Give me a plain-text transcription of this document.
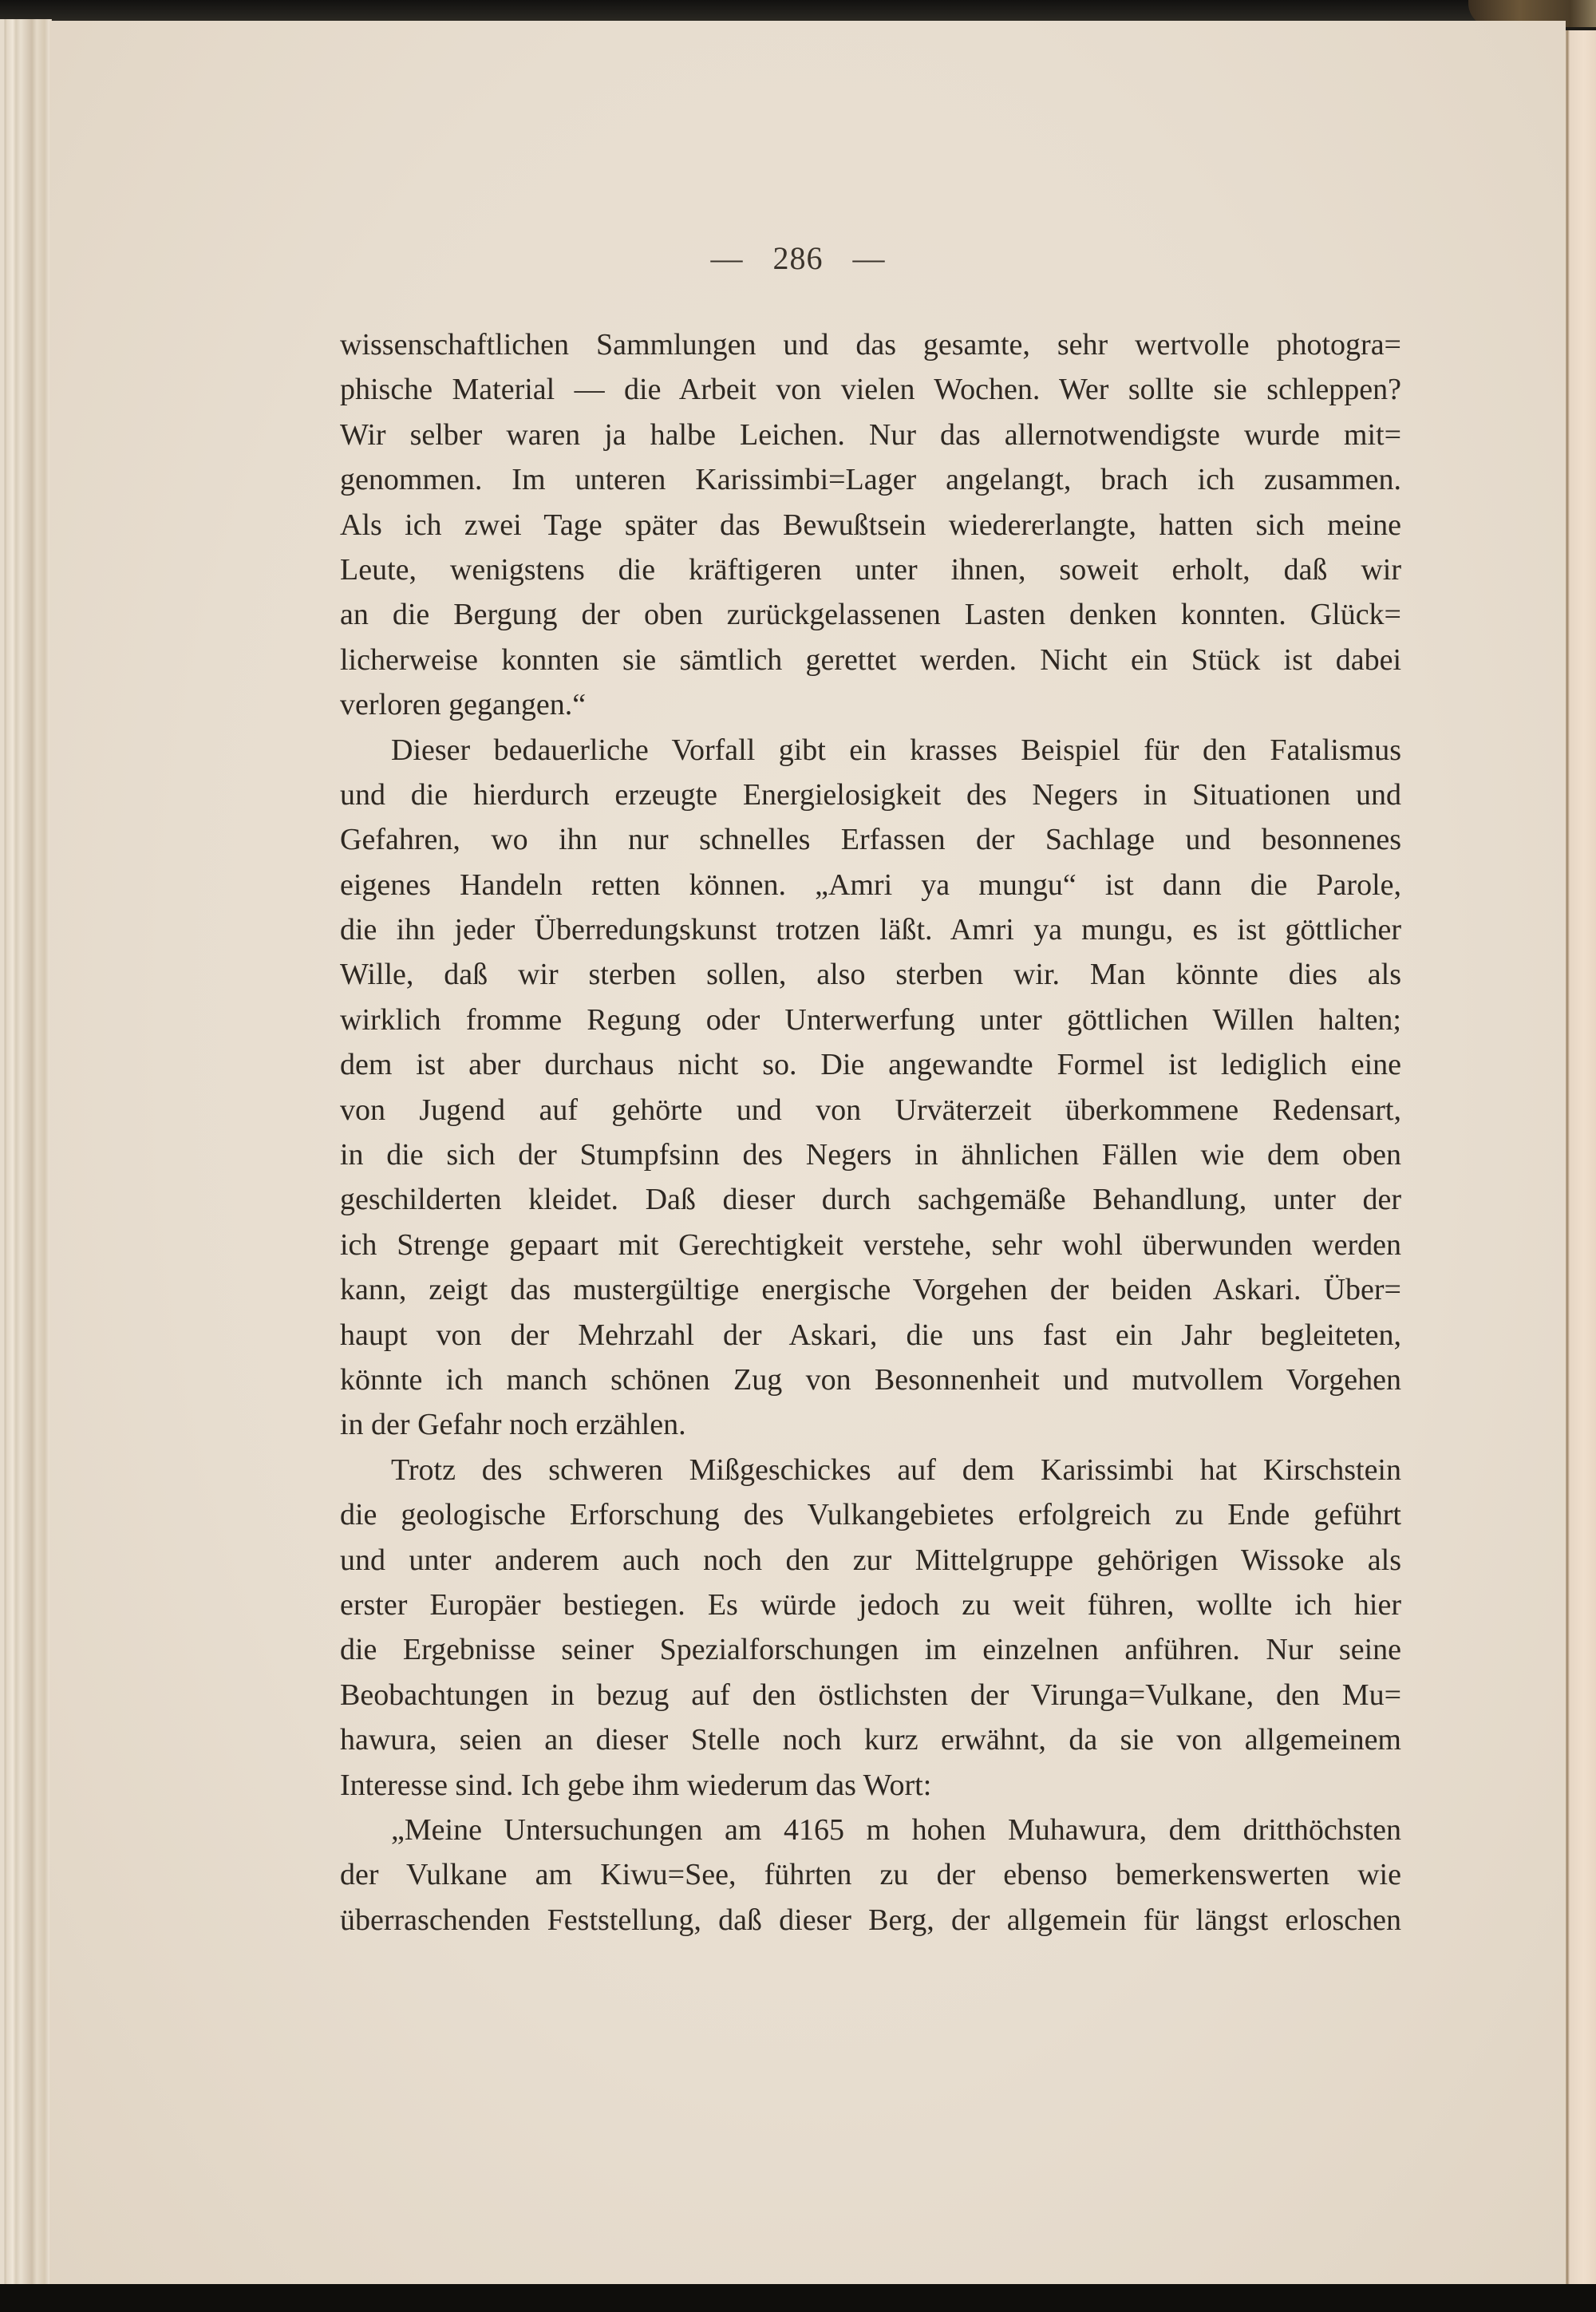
— 286 —
wissenschaftlichen Sammlungen und das gesamte, sehr wertvolle photogra=
phische Material — die Arbeit von vielen Wochen. Wer sollte sie schleppen?
Wir selber waren ja halbe Leichen. Nur das allernotwendigste wurde mit=
genommen. Im unteren Karissimbi=Lager angelangt, brach ich zusammen.
Als ich zwei Tage später das Bewußtsein wiedererlangte, hatten sich meine
Leute, wenigstens die kräftigeren unter ihnen, soweit erholt, daß wir
an die Bergung der oben zurückgelassenen Lasten denken konnten. Glück=
licherweise konnten sie sämtlich gerettet werden. Nicht ein Stück ist dabei
verloren gegangen.“
Dieser bedauerliche Vorfall gibt ein krasses Beispiel für den Fatalismus
und die hierdurch erzeugte Energielosigkeit des Negers in Situationen und
Gefahren, wo ihn nur schnelles Erfassen der Sachlage und besonnenes
eigenes Handeln retten können. „Amri ya mungu“ ist dann die Parole,
die ihn jeder Überredungskunst trotzen läßt. Amri ya mungu, es ist göttlicher
Wille, daß wir sterben sollen, also sterben wir. Man könnte dies als
wirklich fromme Regung oder Unterwerfung unter göttlichen Willen halten;
dem ist aber durchaus nicht so. Die angewandte Formel ist lediglich eine
von Jugend auf gehörte und von Urväterzeit überkommene Redensart,
in die sich der Stumpfsinn des Negers in ähnlichen Fällen wie dem oben
geschilderten kleidet. Daß dieser durch sachgemäße Behandlung, unter der
ich Strenge gepaart mit Gerechtigkeit verstehe, sehr wohl überwunden werden
kann, zeigt das mustergültige energische Vorgehen der beiden Askari. Über=
haupt von der Mehrzahl der Askari, die uns fast ein Jahr begleiteten,
könnte ich manch schönen Zug von Besonnenheit und mutvollem Vorgehen
in der Gefahr noch erzählen.
Trotz des schweren Mißgeschickes auf dem Karissimbi hat Kirschstein
die geologische Erforschung des Vulkangebietes erfolgreich zu Ende geführt
und unter anderem auch noch den zur Mittelgruppe gehörigen Wissoke als
erster Europäer bestiegen. Es würde jedoch zu weit führen, wollte ich hier
die Ergebnisse seiner Spezialforschungen im einzelnen anführen. Nur seine
Beobachtungen in bezug auf den östlichsten der Virunga=Vulkane, den Mu=
hawura, seien an dieser Stelle noch kurz erwähnt, da sie von allgemeinem
Interesse sind. Ich gebe ihm wiederum das Wort:
„Meine Untersuchungen am 4165 m hohen Muhawura, dem dritthöchsten
der Vulkane am Kiwu=See, führten zu der ebenso bemerkenswerten wie
überraschenden Feststellung, daß dieser Berg, der allgemein für längst erloschen
